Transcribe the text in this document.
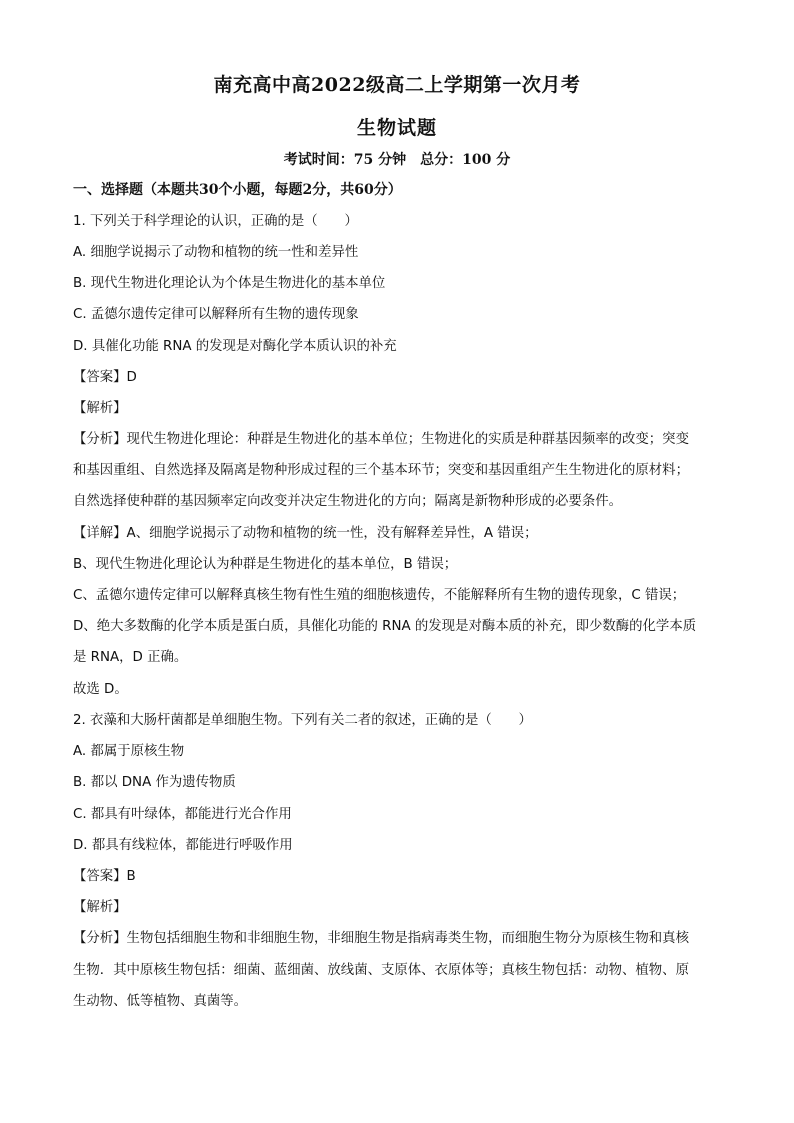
南充高中高2022级高二上学期第一次月考
生物试题
考试时间：75 分钟　总分：100 分
一、选择题（本题共30个小题，每题2分，共60分）
1. 下列关于科学理论的认识，正确的是（　　）
A. 细胞学说揭示了动物和植物的统一性和差异性
B. 现代生物进化理论认为个体是生物进化的基本单位
C. 孟德尔遗传定律可以解释所有生物的遗传现象
D. 具催化功能 RNA 的发现是对酶化学本质认识的补充
【答案】D
【解析】
【分析】现代生物进化理论：种群是生物进化的基本单位；生物进化的实质是种群基因频率的改变；突变
和基因重组、自然选择及隔离是物种形成过程的三个基本环节；突变和基因重组产生生物进化的原材料；
自然选择使种群的基因频率定向改变并决定生物进化的方向；隔离是新物种形成的必要条件。
【详解】A、细胞学说揭示了动物和植物的统一性，没有解释差异性，A 错误；
B、现代生物进化理论认为种群是生物进化的基本单位，B 错误；
C、孟德尔遗传定律可以解释真核生物有性生殖的细胞核遗传，不能解释所有生物的遗传现象，C 错误；
D、绝大多数酶的化学本质是蛋白质，具催化功能的 RNA 的发现是对酶本质的补充，即少数酶的化学本质
是 RNA，D 正确。
故选 D。
2. 衣藻和大肠杆菌都是单细胞生物。下列有关二者的叙述，正确的是（　　）
A. 都属于原核生物
B. 都以 DNA 作为遗传物质
C. 都具有叶绿体，都能进行光合作用
D. 都具有线粒体，都能进行呼吸作用
【答案】B
【解析】
【分析】生物包括细胞生物和非细胞生物，非细胞生物是指病毒类生物，而细胞生物分为原核生物和真核
生物．其中原核生物包括：细菌、蓝细菌、放线菌、支原体、衣原体等；真核生物包括：动物、植物、原
生动物、低等植物、真菌等。
